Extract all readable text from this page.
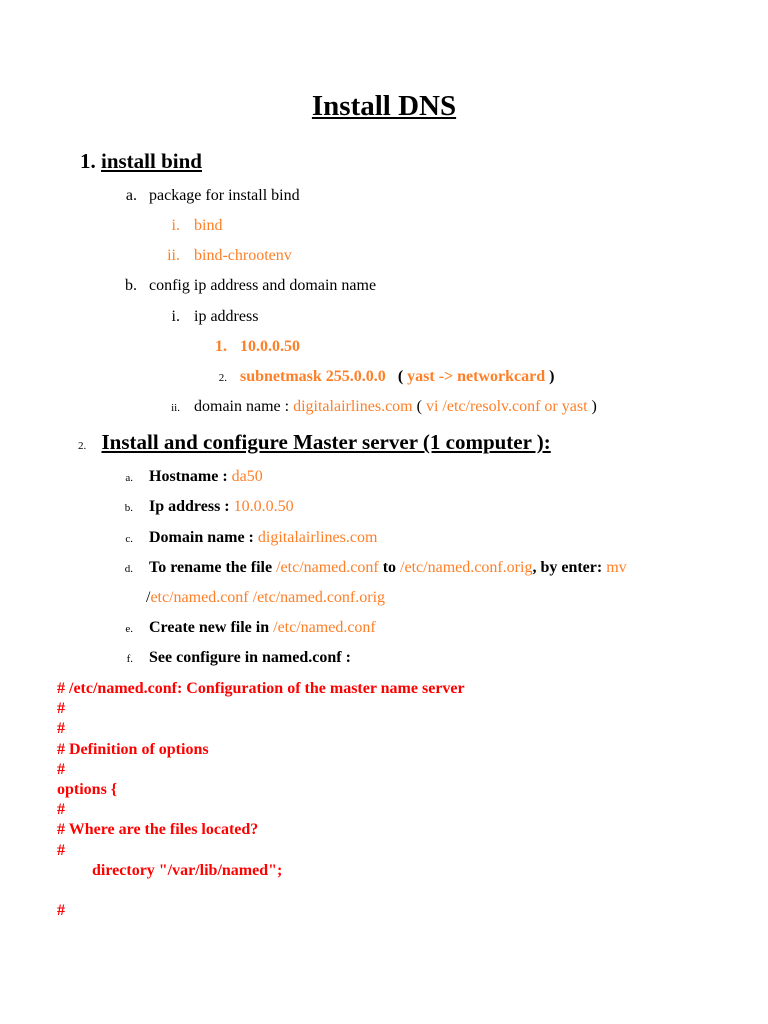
Install DNS
1. install bind
a. package for install bind
i. bind
ii. bind-chrootenv
b. config ip address and domain name
i. ip address
1. 10.0.0.50
2. subnetmask 255.0.0.0 ( yast -> networkcard )
ii. domain name : digitalairlines.com ( vi /etc/resolv.conf or yast )
2. Install and configure Master server (1 computer ):
a. Hostname : da50
b. Ip address : 10.0.0.50
c. Domain name : digitalairlines.com
d. To rename the file /etc/named.conf to /etc/named.conf.orig, by enter: mv
/etc/named.conf /etc/named.conf.orig
e. Create new file in /etc/named.conf
f. See configure in named.conf :
# /etc/named.conf: Configuration of the master name server
#
#
# Definition of options
#
options {
#
# Where are the files located?
#
directory "/var/lib/named";
#
